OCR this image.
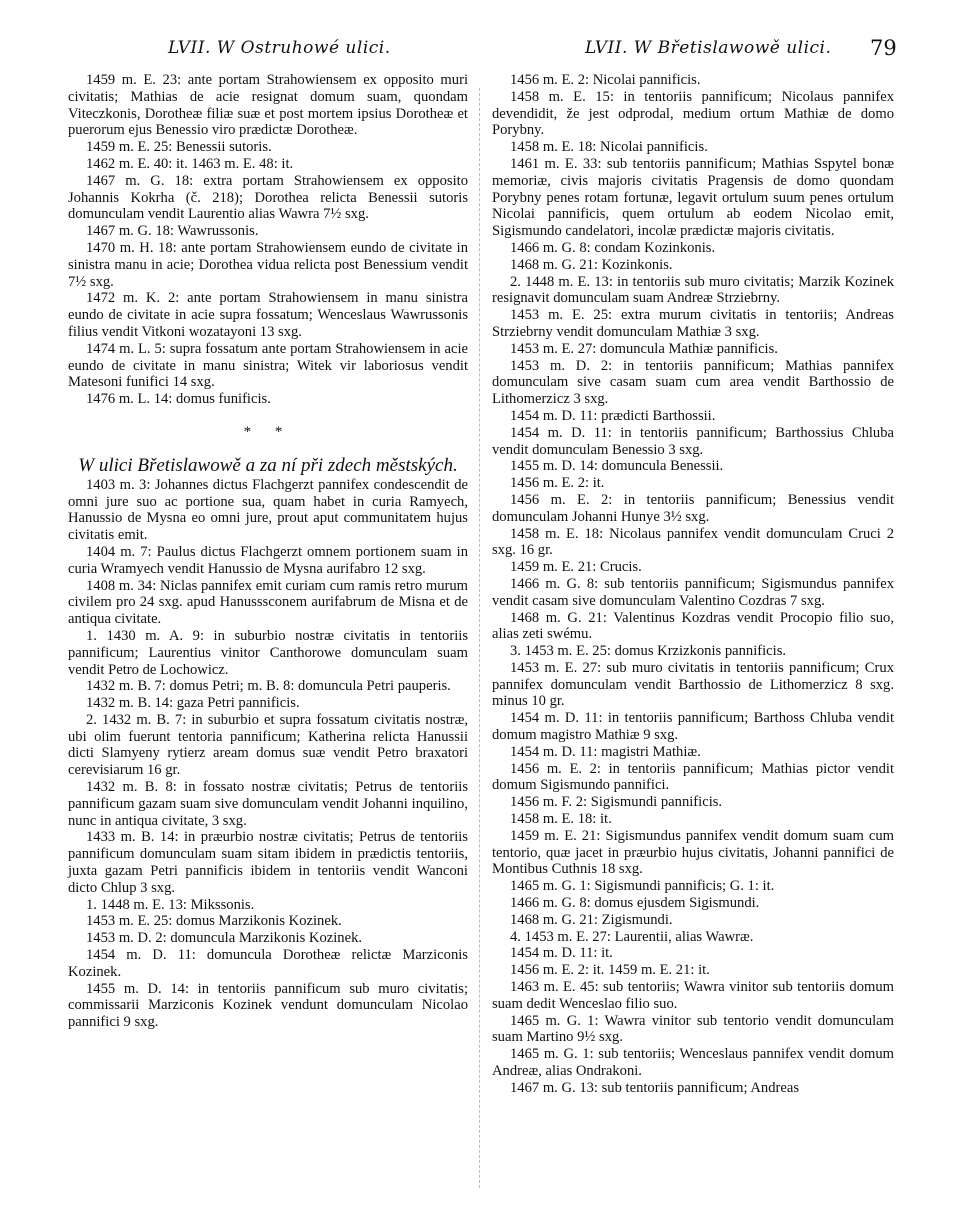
LVII. W Ostruhowé ulici.	LVII. W Břetislawowě ulici. 79

1459 m. E. 23: ante portam Strahowiensem ex opposito muri civitatis; Mathias de acie resignat domum suam, quondam Viteczkonis, Dorotheæ filiæ suæ et post mortem ipsius Dorotheæ et puerorum ejus Benessio viro prædictæ Dorotheæ.

1459 m. E. 25: Benessii sutoris.

1462 m. E. 40: it. 1463 m. E. 48: it.

1467 m. G. 18: extra portam Strahowiensem ex opposito Johannis Kokrha (č. 218); Dorothea relicta Benessii sutoris domunculam vendit Laurentio alias Wawra 7½ sxg.

1467 m. G. 18: Wawrussonis.

1470 m. H. 18: ante portam Strahowiensem eundo de civitate in sinistra manu in acie; Dorothea vidua relicta post Benessium vendit 7½ sxg.

1472 m. K. 2: ante portam Strahowiensem in manu sinistra eundo de civitate in acie supra fossatum; Wenceslaus Wawrussonis filius vendit Vitkoni wozatayoni 13 sxg.

1474 m. L. 5: supra fossatum ante portam Strahowiensem in acie eundo de civitate in manu sinistra; Witek vir laboriosus vendit Matesoni funifici 14 sxg.

1476 m. L. 14: domus funificis.

* *

W ulici Břetislawowě a za ní při zdech městských.

1403 m. 3: Johannes dictus Flachgerzt pannifex condescendit de omni jure suo ac portione sua, quam habet in curia Ramyech, Hanussio de Mysna eo omni jure, prout aput communitatem hujus civitatis emit.

1404 m. 7: Paulus dictus Flachgerzt omnem portionem suam in curia Wramyech vendit Hanussio de Mysna aurifabro 12 sxg.

1408 m. 34: Niclas pannifex emit curiam cum ramis retro murum civilem pro 24 sxg. apud Hanusssconem aurifabrum de Misna et de antiqua civitate.

1. 1430 m. A. 9: in suburbio nostræ civitatis in tentoriis pannificum; Laurentius vinitor Canthorowe domunculam suam vendit Petro de Lochowicz.

1432 m. B. 7: domus Petri; m. B. 8: domuncula Petri pauperis.

1432 m. B. 14: gaza Petri pannificis.

2. 1432 m. B. 7: in suburbio et supra fossatum civitatis nostræ, ubi olim fuerunt tentoria pannificum; Katherina relicta Hanussii dicti Slamyeny rytierz aream domus suæ vendit Petro braxatori cerevisiarum 16 gr.

1432 m. B. 8: in fossato nostræ civitatis; Petrus de tentoriis pannificum gazam suam sive domunculam vendit Johanni inquilino, nunc in antiqua civitate, 3 sxg.

1433 m. B. 14: in præurbio nostræ civitatis; Petrus de tentoriis pannificum domunculam suam sitam ibidem in prædictis tentoriis, juxta gazam Petri pannificis ibidem in tentoriis vendit Wanconi dicto Chlup 3 sxg.

1. 1448 m. E. 13: Mikssonis.

1453 m. E. 25: domus Marzikonis Kozinek.

1453 m. D. 2: domuncula Marzikonis Kozinek.

1454 m. D. 11: domuncula Dorotheæ relictæ Marziconis Kozinek.

1455 m. D. 14: in tentoriis pannificum sub muro civitatis; commissarii Marziconis Kozinek vendunt domunculam Nicolao pannifici 9 sxg.

1456 m. E. 2: Nicolai pannificis.

1458 m. E. 15: in tentoriis pannificum; Nicolaus pannifex devendidit, že jest odprodal, medium ortum Mathiæ de domo Porybny.

1458 m. E. 18: Nicolai pannificis.

1461 m. E. 33: sub tentoriis pannificum; Mathias Sspytel bonæ memoriæ, civis majoris civitatis Pragensis de domo quondam Porybny penes rotam fortunæ, legavit ortulum suum penes ortulum Nicolai pannificis, quem ortulum ab eodem Nicolao emit, Sigismundo candelatori, incolæ prædictæ majoris civitatis.

1466 m. G. 8: condam Kozinkonis.

1468 m. G. 21: Kozinkonis.

2. 1448 m. E. 13: in tentoriis sub muro civitatis; Marzik Kozinek resignavit domunculam suam Andreæ Strziebrny.

1453 m. E. 25: extra murum civitatis in tentoriis; Andreas Strziebrny vendit domunculam Mathiæ 3 sxg.

1453 m. E. 27: domuncula Mathiæ pannificis.

1453 m. D. 2: in tentoriis pannificum; Mathias pannifex domunculam sive casam suam cum area vendit Barthossio de Lithomerzicz 3 sxg.

1454 m. D. 11: prædicti Barthossii.

1454 m. D. 11: in tentoriis pannificum; Barthossius Chluba vendit domunculam Benessio 3 sxg.

1455 m. D. 14: domuncula Benessii.

1456 m. E. 2: it.

1456 m. E. 2: in tentoriis pannificum; Benessius vendit domunculam Johanni Hunye 3½ sxg.

1458 m. E. 18: Nicolaus pannifex vendit domunculam Cruci 2 sxg. 16 gr.

1459 m. E. 21: Crucis.

1466 m. G. 8: sub tentoriis pannificum; Sigismundus pannifex vendit casam sive domunculam Valentino Cozdras 7 sxg.

1468 m. G. 21: Valentinus Kozdras vendit Procopio filio suo, alias zeti swému.

3. 1453 m. E. 25: domus Krzizkonis pannificis.

1453 m. E. 27: sub muro civitatis in tentoriis pannificum; Crux pannifex domunculam vendit Barthossio de Lithomerzicz 8 sxg. minus 10 gr.

1454 m. D. 11: in tentoriis pannificum; Barthoss Chluba vendit domum magistro Mathiæ 9 sxg.

1454 m. D. 11: magistri Mathiæ.

1456 m. E. 2: in tentoriis pannificum; Mathias pictor vendit domum Sigismundo pannifici.

1456 m. F. 2: Sigismundi pannificis.

1458 m. E. 18: it.

1459 m. E. 21: Sigismundus pannifex vendit domum suam cum tentorio, quæ jacet in præurbio hujus civitatis, Johanni pannifici de Montibus Cuthnis 18 sxg.

1465 m. G. 1: Sigismundi pannificis; G. 1: it.

1466 m. G. 8: domus ejusdem Sigismundi.

1468 m. G. 21: Zigismundi.

4. 1453 m. E. 27: Laurentii, alias Wawræ.

1454 m. D. 11: it.

1456 m. E. 2: it. 1459 m. E. 21: it.

1463 m. E. 45: sub tentoriis; Wawra vinitor sub tentoriis domum suam dedit Wenceslao filio suo.

1465 m. G. 1: Wawra vinitor sub tentorio vendit domunculam suam Martino 9½ sxg.

1465 m. G. 1: sub tentoriis; Wenceslaus pannifex vendit domum Andreæ, alias Ondrakoni.

1467 m. G. 13: sub tentoriis pannificum; Andreas
